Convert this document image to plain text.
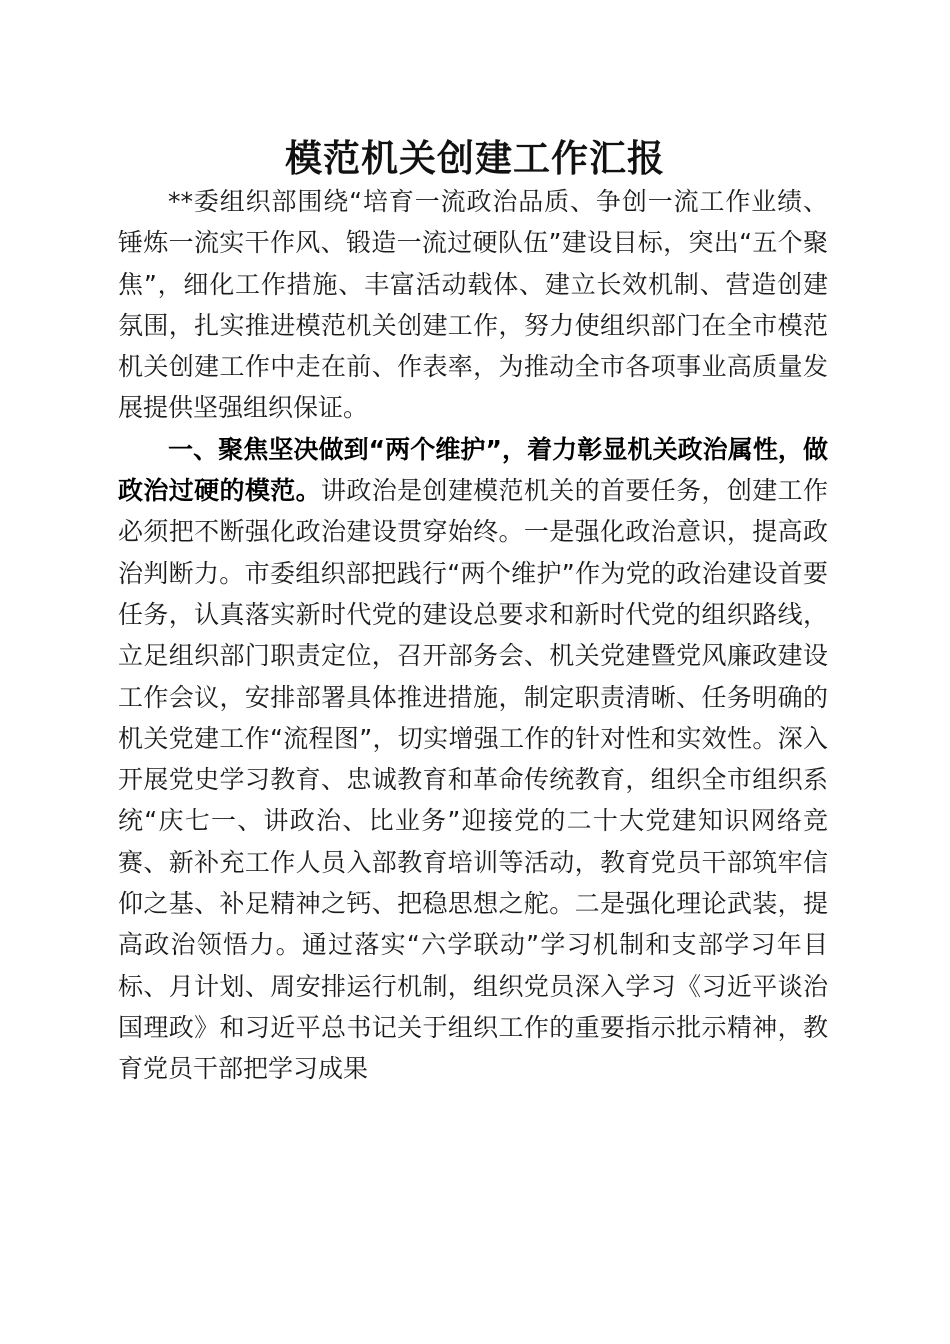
模范机关创建工作汇报

**委组织部围绕“培育一流政治品质、争创一流工作业绩、锤炼一流实干作风、锻造一流过硬队伍”建设目标，突出“五个聚焦”，细化工作措施、丰富活动载体、建立长效机制、营造创建氛围，扎实推进模范机关创建工作，努力使组织部门在全市模范机关创建工作中走在前、作表率，为推动全市各项事业高质量发展提供坚强组织保证。

一、聚焦坚决做到“两个维护”，着力彰显机关政治属性，做政治过硬的模范。讲政治是创建模范机关的首要任务，创建工作必须把不断强化政治建设贯穿始终。一是强化政治意识，提高政治判断力。市委组织部把践行“两个维护”作为党的政治建设首要任务，认真落实新时代党的建设总要求和新时代党的组织路线，立足组织部门职责定位，召开部务会、机关党建暨党风廉政建设工作会议，安排部署具体推进措施，制定职责清晰、任务明确的机关党建工作“流程图”，切实增强工作的针对性和实效性。深入开展党史学习教育、忠诚教育和革命传统教育，组织全市组织系统“庆七一、讲政治、比业务”迎接党的二十大党建知识网络竞赛、新补充工作人员入部教育培训等活动，教育党员干部筑牢信仰之基、补足精神之钙、把稳思想之舵。二是强化理论武装，提高政治领悟力。通过落实“六学联动”学习机制和支部学习年目标、月计划、周安排运行机制，组织党员深入学习《习近平谈治国理政》和习近平总书记关于组织工作的重要指示批示精神，教育党员干部把学习成果
